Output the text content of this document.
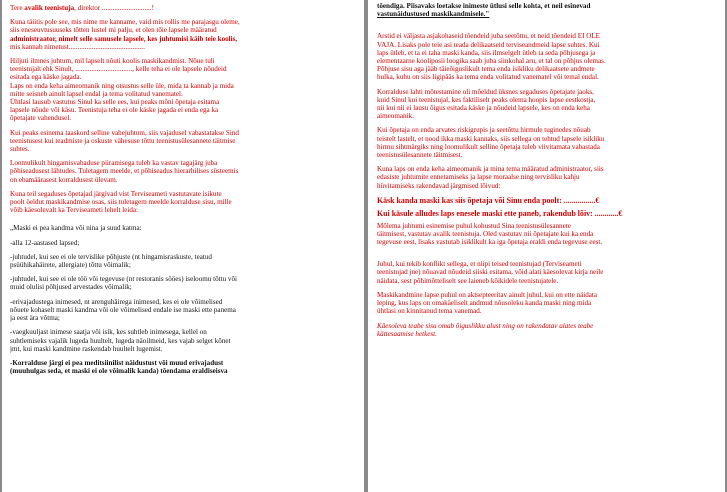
Tere avalik teenistuja, direktor ............................!

Kuna täiitis pole see, mis nime me kanname, vaid mis rollis me parajasgu oleme,
siis eneseuvtusuuseks tõtten lustel mi palju, et olen tõie lapsele määratud
administraator, nimelt selle samusele lapsele, kes juhtumisi käib teie koolis,
mis kannab nimetust...........................................

Hiljuti ilmnes juhtum, mil lapselt nõuti koolis maskikandmist. Nõue tuli
teenistujalt ehk Sinult, ................................, kelle teha ei ole lapsele nõudeid
esitada ega käske jagada.
Laps on enda keha aimeomanik ning otsustus selle üle, mida ta kannab ja mida
mitte seisneb ainult lapsel endal ja tema volitatud vanematel.
Ühtlasi lausub vastutus Sinul ka selle ees, kui peaks mõni õpetaja esitama
lapsele nõude või käsu. Teenistuja teha ei ole käske jagada ei enda ega ka
õpetajate vahendusel.

Kui peaks esinema taaskord selline vahejuhtum, siis vajadusel vabastatakse Sind
teenistusest kui teadmiste ja oskuste vähesuse tõttu teenistusülesannete täitmise
suhtes.

Loomulikult hingamisvabaduse piiramisega tuleb ka vastav tagajärg juba
põhiseadusest lähtudes. Tuletagem meelde, et põhiseadus hierarhilises süsteemis
on ebamäärasest korraldusest ülevam.

Kuna teil segaduses õpetajad järgivad vist Terviseameti vastutavate isikute
poolt öeldut maskikandmise osas, siis tuletagem meelde korralduse sisu, mille
võib käesolevalt ka Terviseameti lehelt leida:

„Maski ei pea kandma või nina ja suud katma:
-alla 12-aastased lapsed;
-juhtudel, kui see ei ole tervislike põhjuste (nt hingamisraskuste, teatud
psüühikahäirete, allergiate) tõttu võimalik;
-juhtudel, kui see ei ole töö või tegevuse (nt restoranis sööes) iseloomu tõttu või
muid olulisi põhjused arvestades võimalik;
-erivajadustega inimesed, nt arenguhäirega inimesed, kes ei ole võimelised
nõuete kohaselt maski kandma või ole võimelised endale ise maski ette panema
ja eest ära võtma;
-vaegkuuljast inimese saatja või isik, kes suhtleb inimesega, kellel on
suhtlemiseks vajalik lugeda huultelt, lugeda näoilmeid, kes vajab selget kõnet
jmt, kui maski kandmine raskendab huultelt lugemist.
-Korralduse järgi ei pea meditsiinilist näidustust või muud erivajadust
(muuhulgas seda, et maski ei ole võimalik kanda) tõendama eraldiseisva
tõendiga. Piisavaks loetakse inimeste ütlusi selle kohta, et neil esinevad
vastunäidustused maskikandmisele."

Arstid ei väljasta asjakohaseid tõendeid juba seetõttu, et neid tõendeid EI OLE
VAJA. Lisaks pole teie asi teada delikaatseid terviseandmeid lapse suhtes. Kui
laps ütleb, et ta ei taha maski kanda, siis ilmselgelt ütleb ta seda põhjusega ja
elementaarne kooliposii loogika saab juba siinkohal aru, et tal on põhjus olemas.
Põhjuse sisu aga jääb täieõiguslikult tema enda isikliku delikaatsete andmete
hulka, kuhu on siis ligipääs ka tema enda volitatud vanematel või temal endal.

Korralduse lahti mõtestamine oli mõeldud üksnes segaduses õpetajate jaoks,
kuid Sinul kui teenistujal, kes faktiliselt peaks olema hoopis lapse eestkostja,
nii kui nii ei lausu õigus esitada käske ja nõudeid lapsele, kes on enda keha
aimeomanik.

Kui õpetaja on enda arvates riskigrupis ja seetõttu hirmule tuginedes nõuab
teistelt lastelt, et nood ikka maski kannaks, siis sellega on tehtud lapsele isikliku
hirmu sihtmärgiks ning loomulikult selline õpetaja tuleb viivitamata vabastada
teenistusülesannete täitmisest.

Kuna laps on enda keha aimeomanik ja mina tema määratud administraator, siis
edasiste juhtumite ennetamiseks ja lapse moraalse ning tervisliku kahju
hüvitamiseks rakendavad järgmised lõivud:

Käsk kanda maski kas siis õpetaja või Sinu enda poolt: ................€

Kui käsule alludes laps enesele maski ette paneb, rakendub lõiv: ............€

Mõlema juhtumi esinemise puhul kohustud Sina teenistusülesannete
täitmisest, vastutav avalik teenistuja. Oled vastutav nii õpetajate kui ka enda
tegevuse eest, lisaks vastutab isiklikult ka iga õpetaja eraldi enda tegevuse eest.

Juhul, kui tekib konflikt sellega, et niipi teised teenistujad (Terviseameti
teenistujad jne) nõuavad nõudeid siiski esitama, võid alati käesolevat kirja neile
näidata, sest põhimõtteliselt see laieneb kõikidele teenistujatele.

Maskikandmine lapse puhul on aktsepteeritav ainult juhul, kui on ette näidata
leping, kus laps on omakäeliselt andmud nõusoleku kanda maski ning mida
ühtlasi on kinnitanud tema vanemad.

Käesoleva teabe sisu omab õiguslikku alust ning on rakendatav alates teabe
kättesaamise hetkest.
